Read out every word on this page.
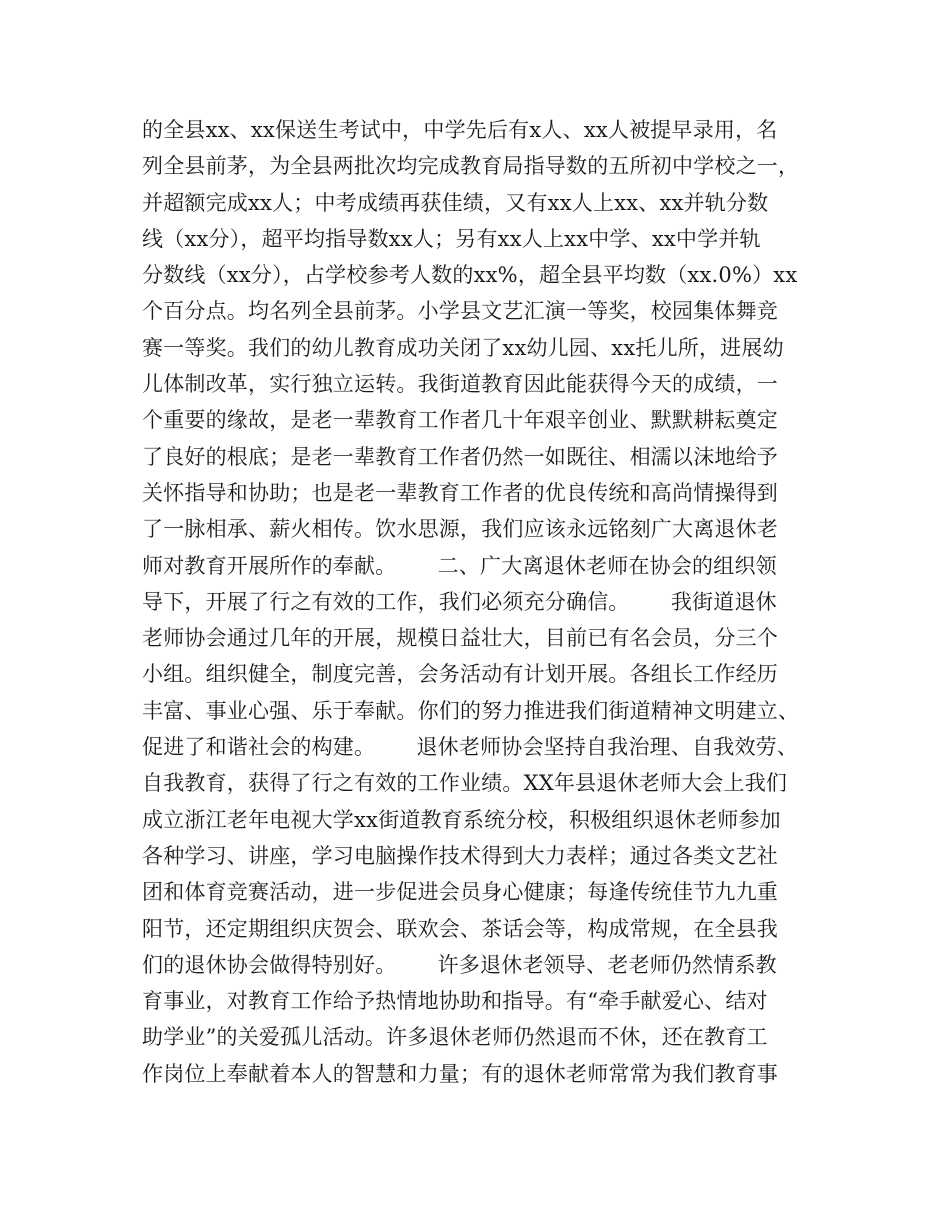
的全县xx、xx保送生考试中，中学先后有x人、xx人被提早录用，名
列全县前茅，为全县两批次均完成教育局指导数的五所初中学校之一，
并超额完成xx人；中考成绩再获佳绩，又有xx人上xx、xx并轨分数
线（xx分），超平均指导数xx人；另有xx人上xx中学、xx中学并轨
分数线（xx分），占学校参考人数的xx%，超全县平均数（xx.0%）xx
个百分点。均名列全县前茅。小学县文艺汇演一等奖，校园集体舞竞
赛一等奖。我们的幼儿教育成功关闭了xx幼儿园、xx托儿所，进展幼
儿体制改革，实行独立运转。我街道教育因此能获得今天的成绩，一
个重要的缘故，是老一辈教育工作者几十年艰辛创业、默默耕耘奠定
了良好的根底；是老一辈教育工作者仍然一如既往、相濡以沫地给予
关怀指导和协助；也是老一辈教育工作者的优良传统和高尚情操得到
了一脉相承、薪火相传。饮水思源，我们应该永远铭刻广大离退休老
师对教育开展所作的奉献。      二、广大离退休老师在协会的组织领
导下，开展了行之有效的工作，我们必须充分确信。      我街道退休
老师协会通过几年的开展，规模日益壮大，目前已有名会员，分三个
小组。组织健全，制度完善，会务活动有计划开展。各组长工作经历
丰富、事业心强、乐于奉献。你们的努力推进我们街道精神文明建立、
促进了和谐社会的构建。      退休老师协会坚持自我治理、自我效劳、
自我教育，获得了行之有效的工作业绩。XX年县退休老师大会上我们
成立浙江老年电视大学xx街道教育系统分校，积极组织退休老师参加
各种学习、讲座，学习电脑操作技术得到大力表样；通过各类文艺社
团和体育竞赛活动，进一步促进会员身心健康；每逢传统佳节九九重
阳节，还定期组织庆贺会、联欢会、茶话会等，构成常规，在全县我
们的退休协会做得特别好。      许多退休老领导、老老师仍然情系教
育事业，对教育工作给予热情地协助和指导。有“牵手献爱心、结对
助学业”的关爱孤儿活动。许多退休老师仍然退而不休，还在教育工
作岗位上奉献着本人的智慧和力量；有的退休老师常常为我们教育事
